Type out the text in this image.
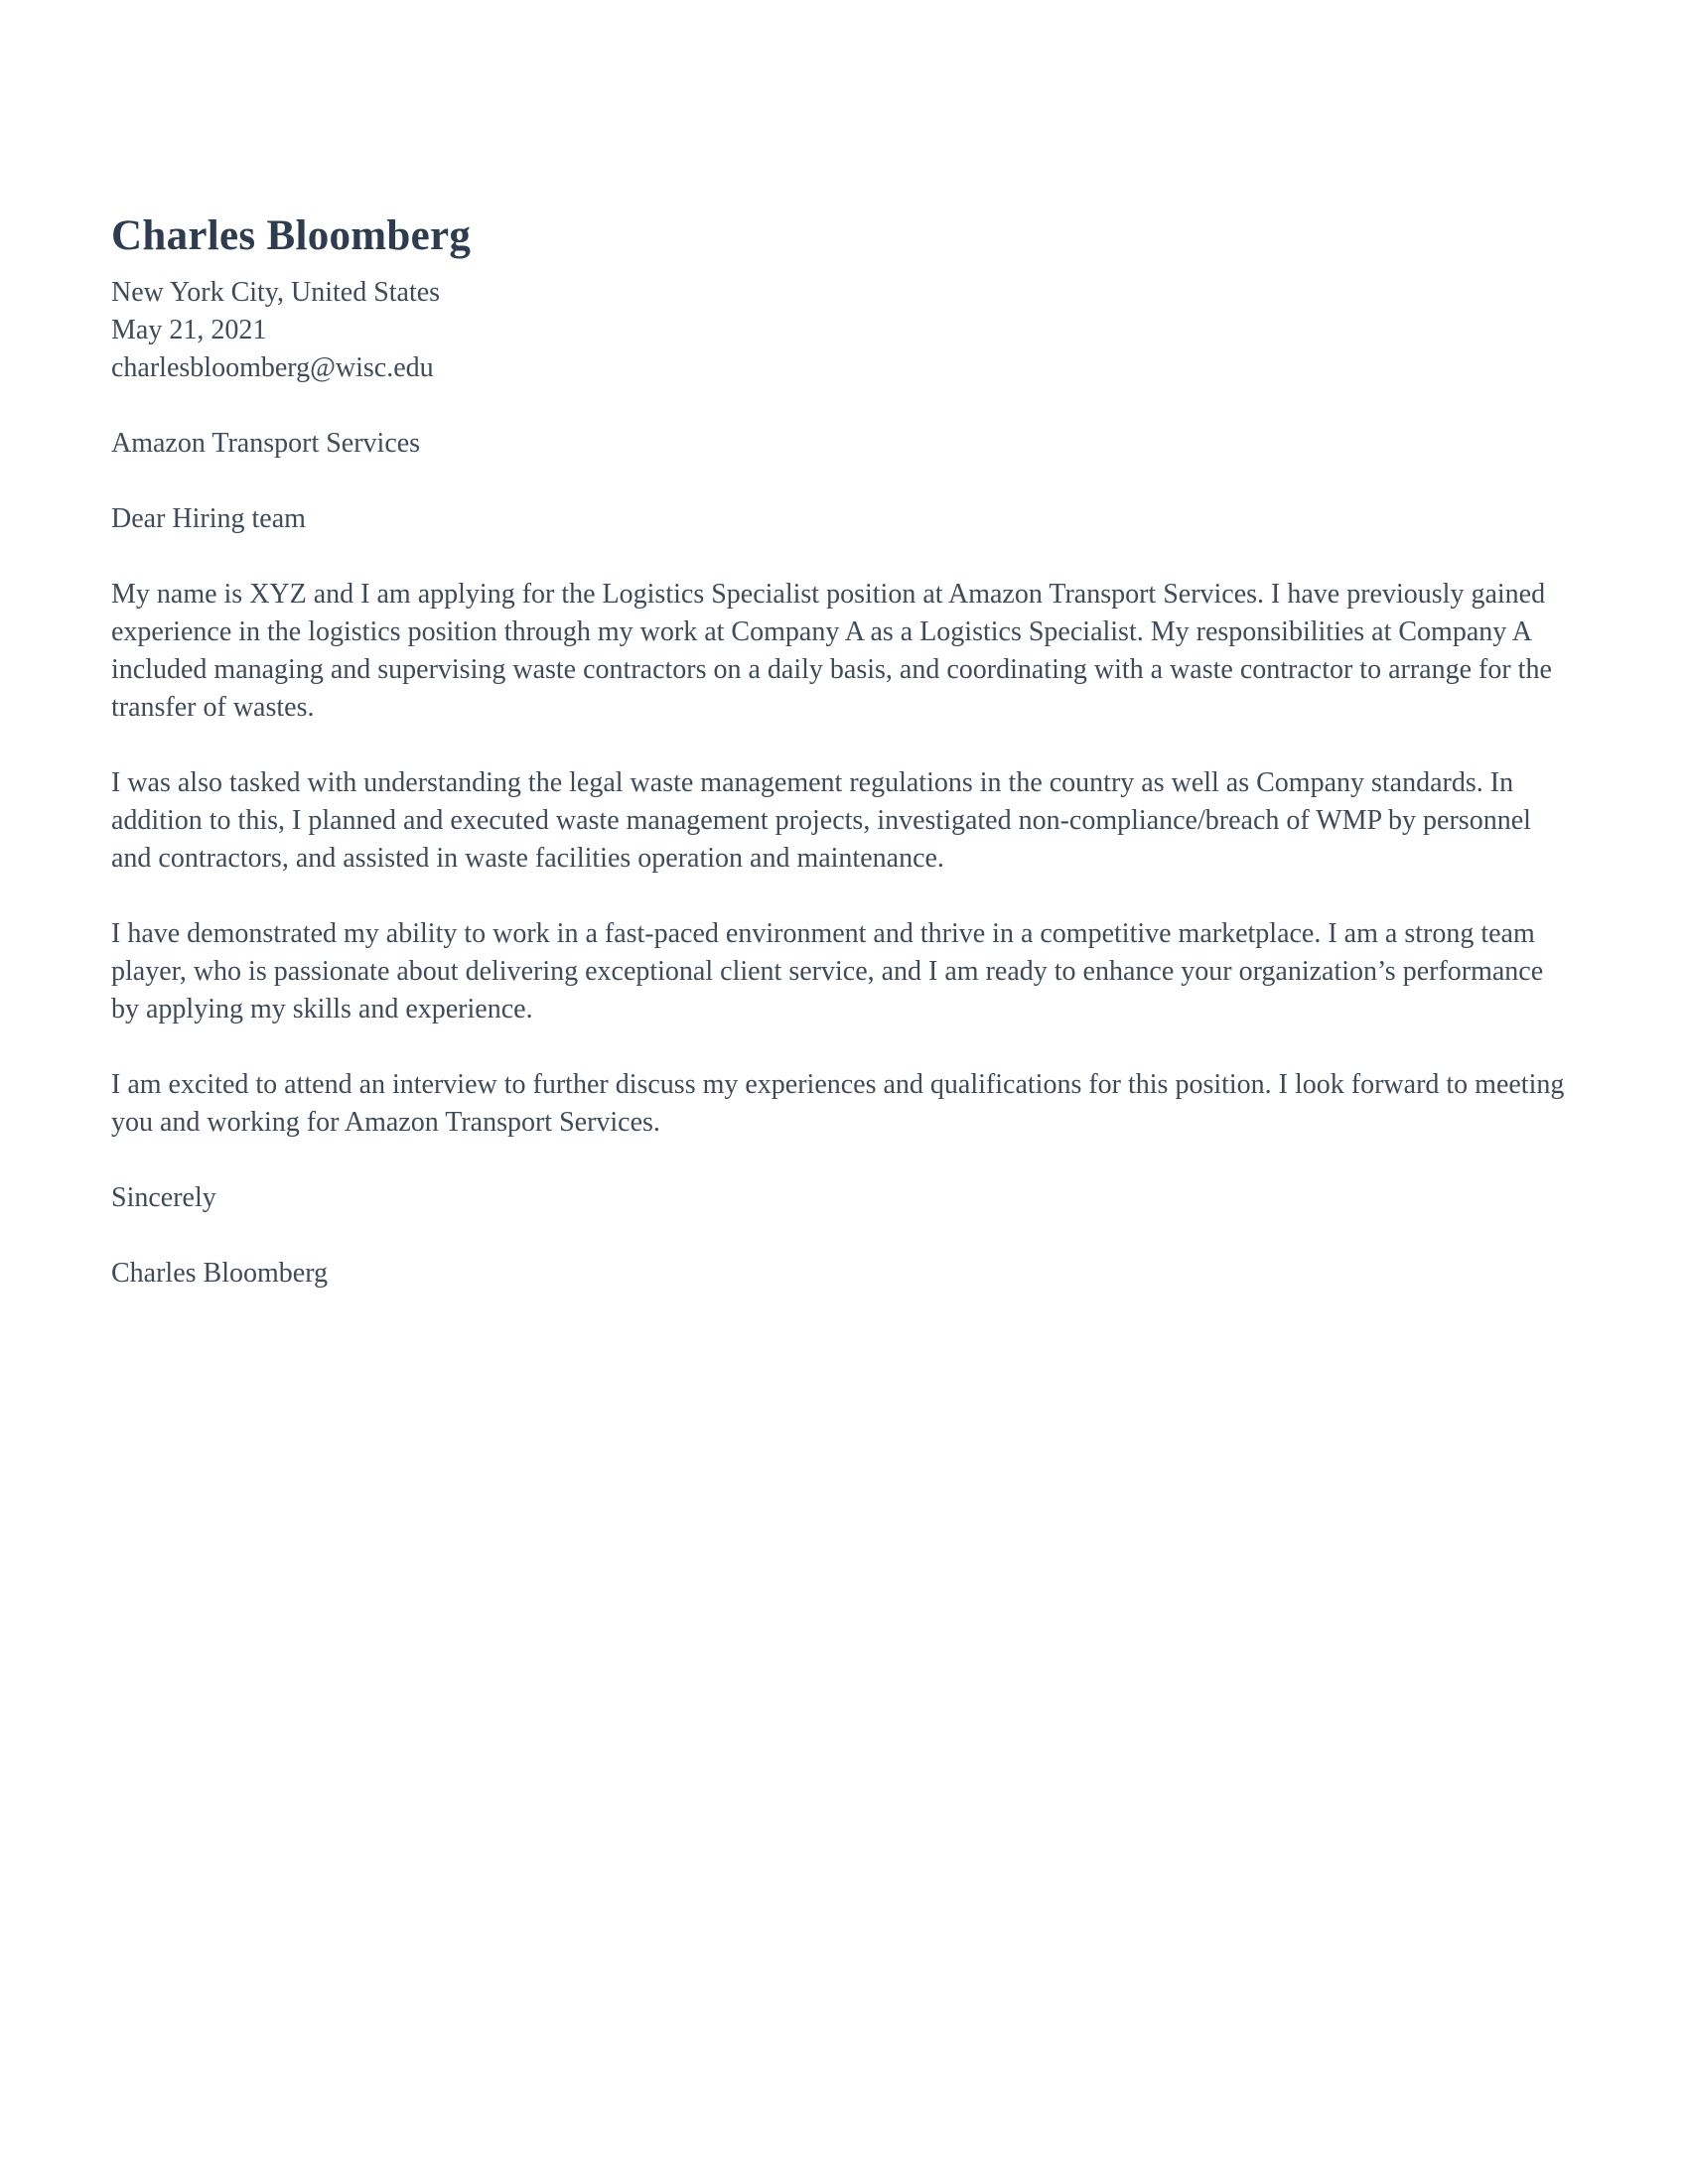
Charles Bloomberg
New York City, United States
May 21, 2021
charlesbloomberg@wisc.edu

Amazon Transport Services

Dear Hiring team

My name is XYZ and I am applying for the Logistics Specialist position at Amazon Transport Services. I have previously gained experience in the logistics position through my work at Company A as a Logistics Specialist. My responsibilities at Company A included managing and supervising waste contractors on a daily basis, and coordinating with a waste contractor to arrange for the transfer of wastes.

I was also tasked with understanding the legal waste management regulations in the country as well as Company standards. In addition to this, I planned and executed waste management projects, investigated non-compliance/breach of WMP by personnel and contractors, and assisted in waste facilities operation and maintenance.

I have demonstrated my ability to work in a fast-paced environment and thrive in a competitive marketplace. I am a strong team player, who is passionate about delivering exceptional client service, and I am ready to enhance your organization’s performance by applying my skills and experience.

I am excited to attend an interview to further discuss my experiences and qualifications for this position. I look forward to meeting you and working for Amazon Transport Services.

Sincerely

Charles Bloomberg
